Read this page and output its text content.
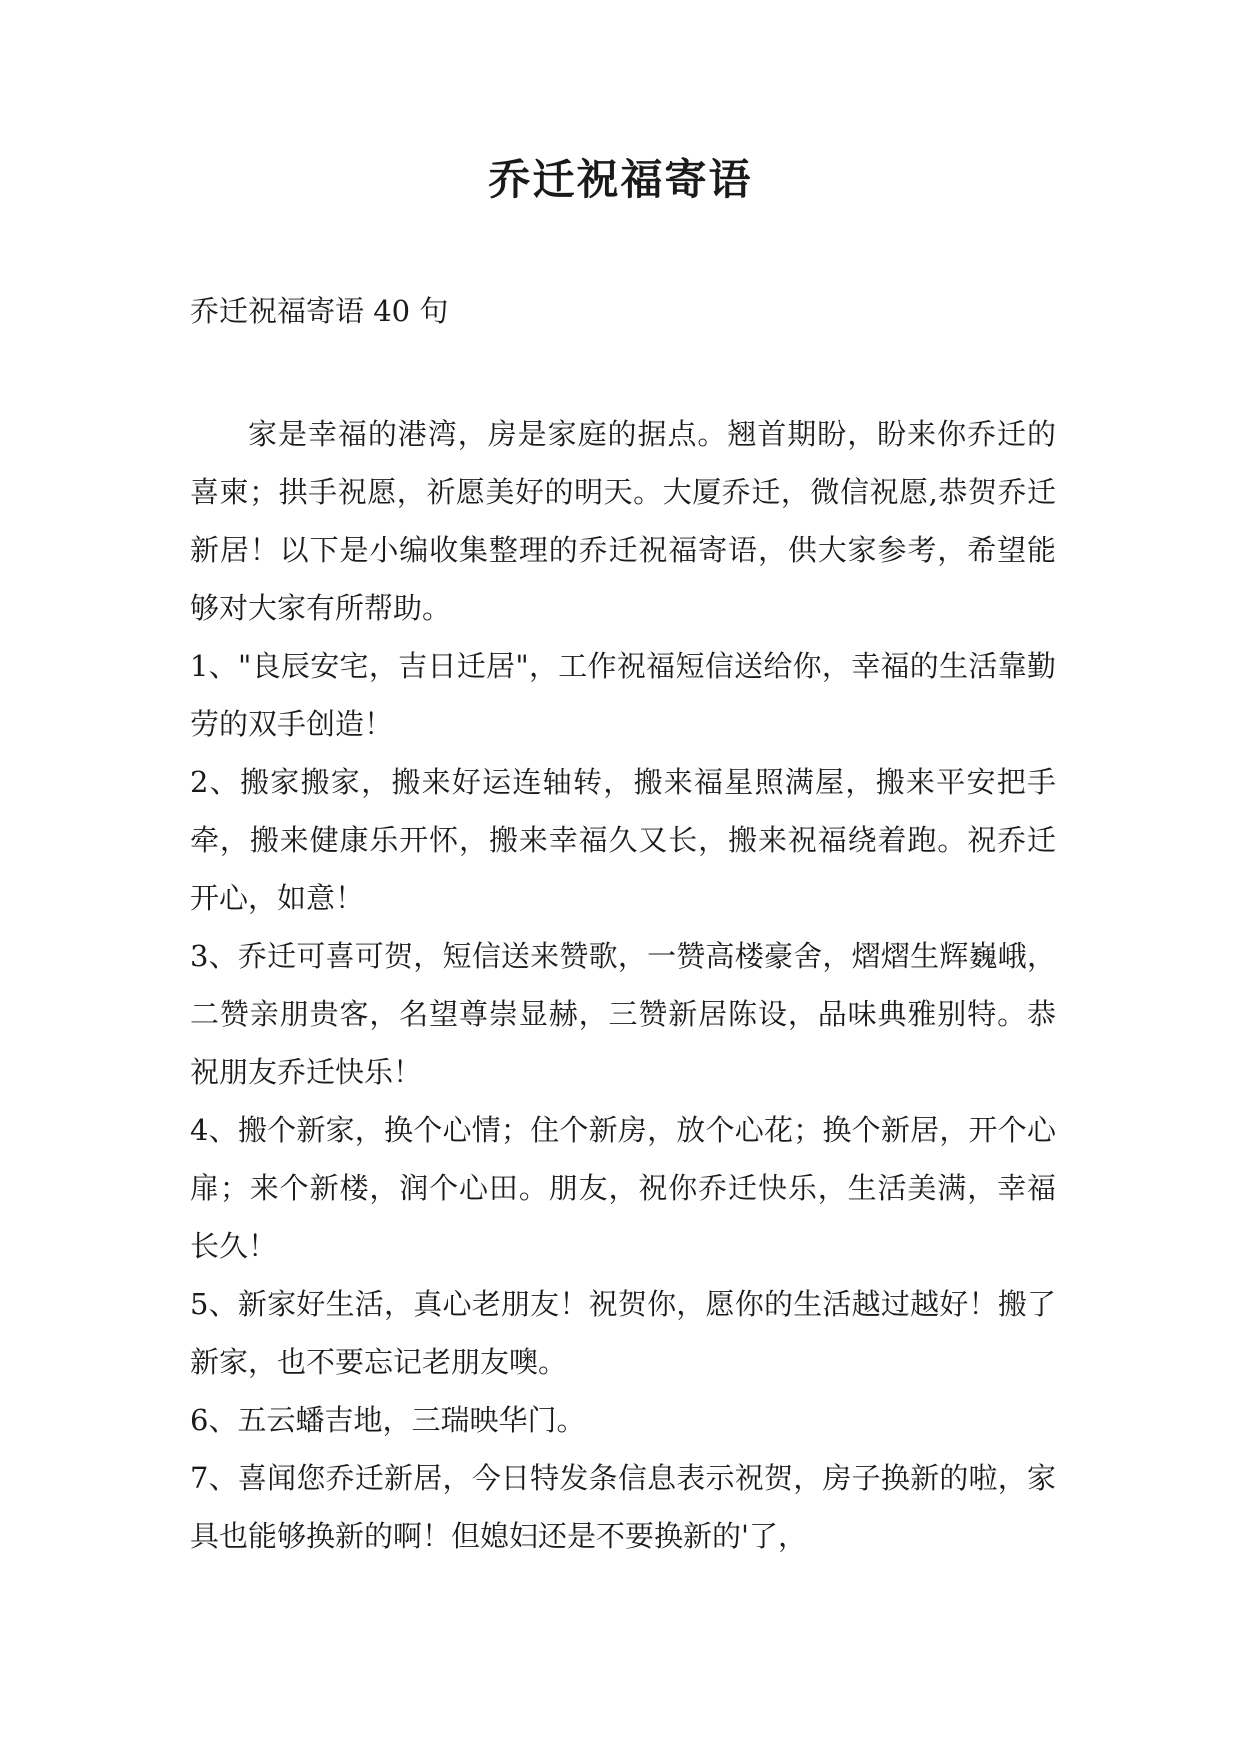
乔迁祝福寄语

乔迁祝福寄语 40 句

家是幸福的港湾，房是家庭的据点。翘首期盼，盼来你乔迁的喜柬；拱手祝愿，祈愿美好的明天。大厦乔迁，微信祝愿,恭贺乔迁新居！以下是小编收集整理的乔迁祝福寄语，供大家参考，希望能够对大家有所帮助。

1、"良辰安宅，吉日迁居"，工作祝福短信送给你，幸福的生活靠勤劳的双手创造！

2、搬家搬家，搬来好运连轴转，搬来福星照满屋，搬来平安把手牵，搬来健康乐开怀，搬来幸福久又长，搬来祝福绕着跑。祝乔迁开心，如意！

3、乔迁可喜可贺，短信送来赞歌，一赞高楼豪舍，熠熠生辉巍峨，二赞亲朋贵客，名望尊崇显赫，三赞新居陈设，品味典雅别特。恭祝朋友乔迁快乐！

4、搬个新家，换个心情；住个新房，放个心花；换个新居，开个心扉；来个新楼，润个心田。朋友，祝你乔迁快乐，生活美满，幸福长久！

5、新家好生活，真心老朋友！祝贺你，愿你的生活越过越好！搬了新家，也不要忘记老朋友噢。

6、五云蟠吉地，三瑞映华门。

7、喜闻您乔迁新居，今日特发条信息表示祝贺，房子换新的啦，家具也能够换新的啊！但媳妇还是不要换新的'了，
